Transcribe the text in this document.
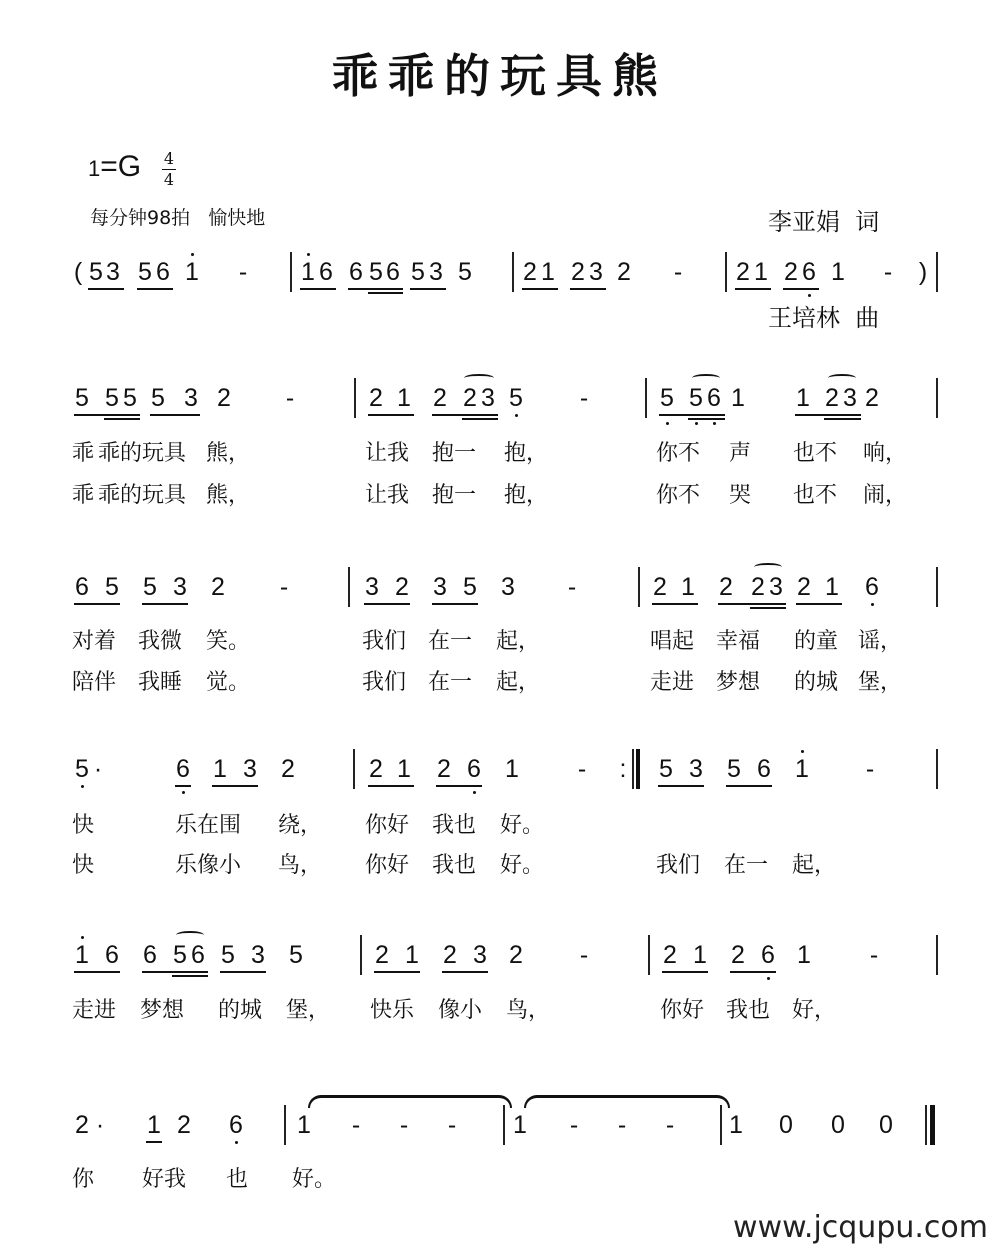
乖乖的玩具熊
1=G 4
4
每分钟98拍   愉快地

	李亚娟  词

王培林  曲

( 5 3 5 6 1 - 1 6 6 5 6 5 3 5 2 1 2 3 2 - 2 1 2 6 1 - )
5 5 5 5 3 2 -	2 1 2 2 3 5 -	5 5 6 1 1 2 3 2
乖 乖的玩具 熊，	让我 抱一 抱，	你不 声 也不 响，
乖 乖的玩具 熊，	让我 抱一 抱，	你不 哭 也不 闹，
6 5 5 3 2 -	3 2 3 5 3 -	2 1 2 2 3 2 1 6
对着 我微 笑。	我们 在一 起，	唱起 幸福 的童 谣，
陪伴 我睡 觉。	我们 在一 起，	走进 梦想 的城 堡，
5 ·	6 1 3 2	2 1 2 6 1 - : 5 3 5 6 1 -
快	乐在围 绕， 你好 我也 好。
快	乐像小 鸟， 你好 我也 好。	我们 在一 起，
1 6 6 5 6 5 3 5	2 1 2 3 2 -	2 1 2 6 1 -
走进 梦想 的城 堡， 快乐 像小 鸟，	你好 我也 好，
2 · 1 2 6 1 - - - 1 - - - 1 0 0 0
你 好我 也 好。
www.jcqupu.com
